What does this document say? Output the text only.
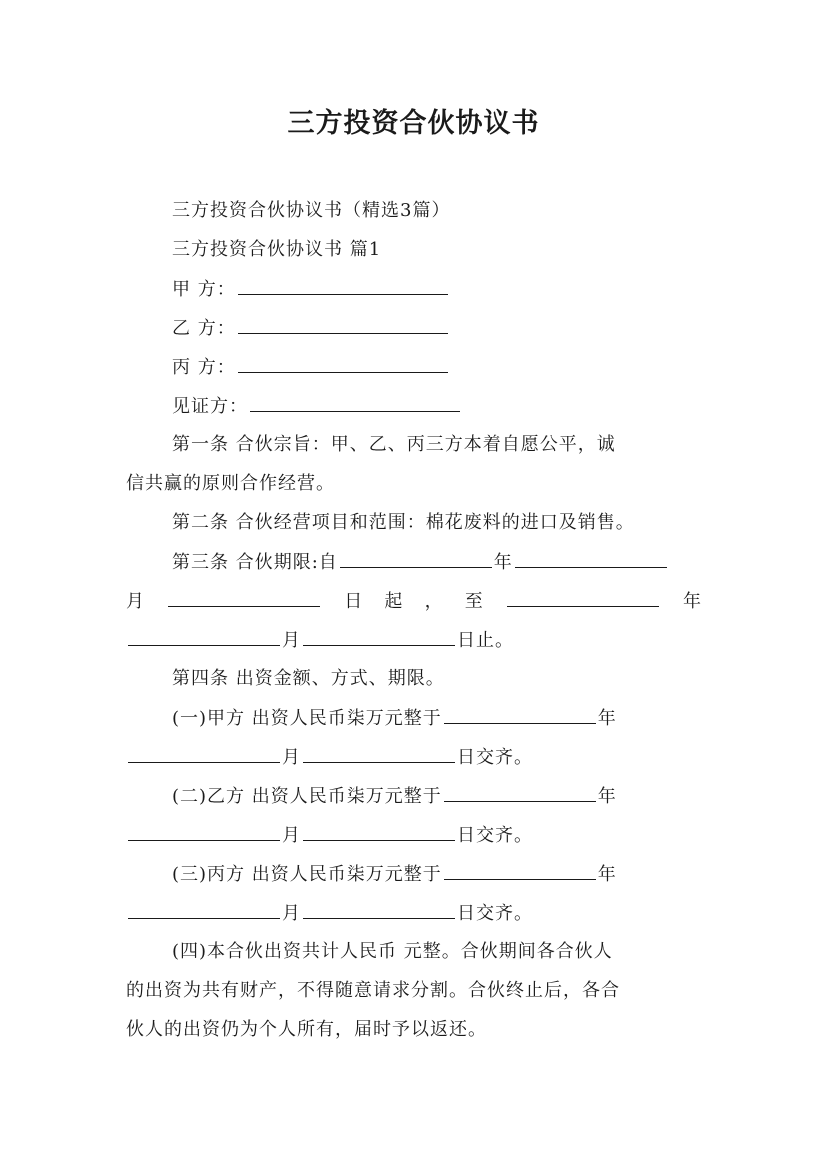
三方投资合伙协议书
三方投资合伙协议书（精选3篇）
三方投资合伙协议书 篇1
甲 方：
乙 方：
丙 方：
见证方：
第一条 合伙宗旨：甲、乙、丙三方本着自愿公平，诚
信共赢的原则合作经营。
第二条 合伙经营项目和范围：棉花废料的进口及销售。
第三条 合伙期限:自	年
月	日 起 ， 至	年
月	日止。
第四条 出资金额、方式、期限。
(一)甲方 出资人民币柒万元整于	年
月	日交齐。
(二)乙方 出资人民币柒万元整于	年
月	日交齐。
(三)丙方 出资人民币柒万元整于	年
月	日交齐。
(四)本合伙出资共计人民币 元整。合伙期间各合伙人
的出资为共有财产，不得随意请求分割。合伙终止后，各合
伙人的出资仍为个人所有，届时予以返还。
